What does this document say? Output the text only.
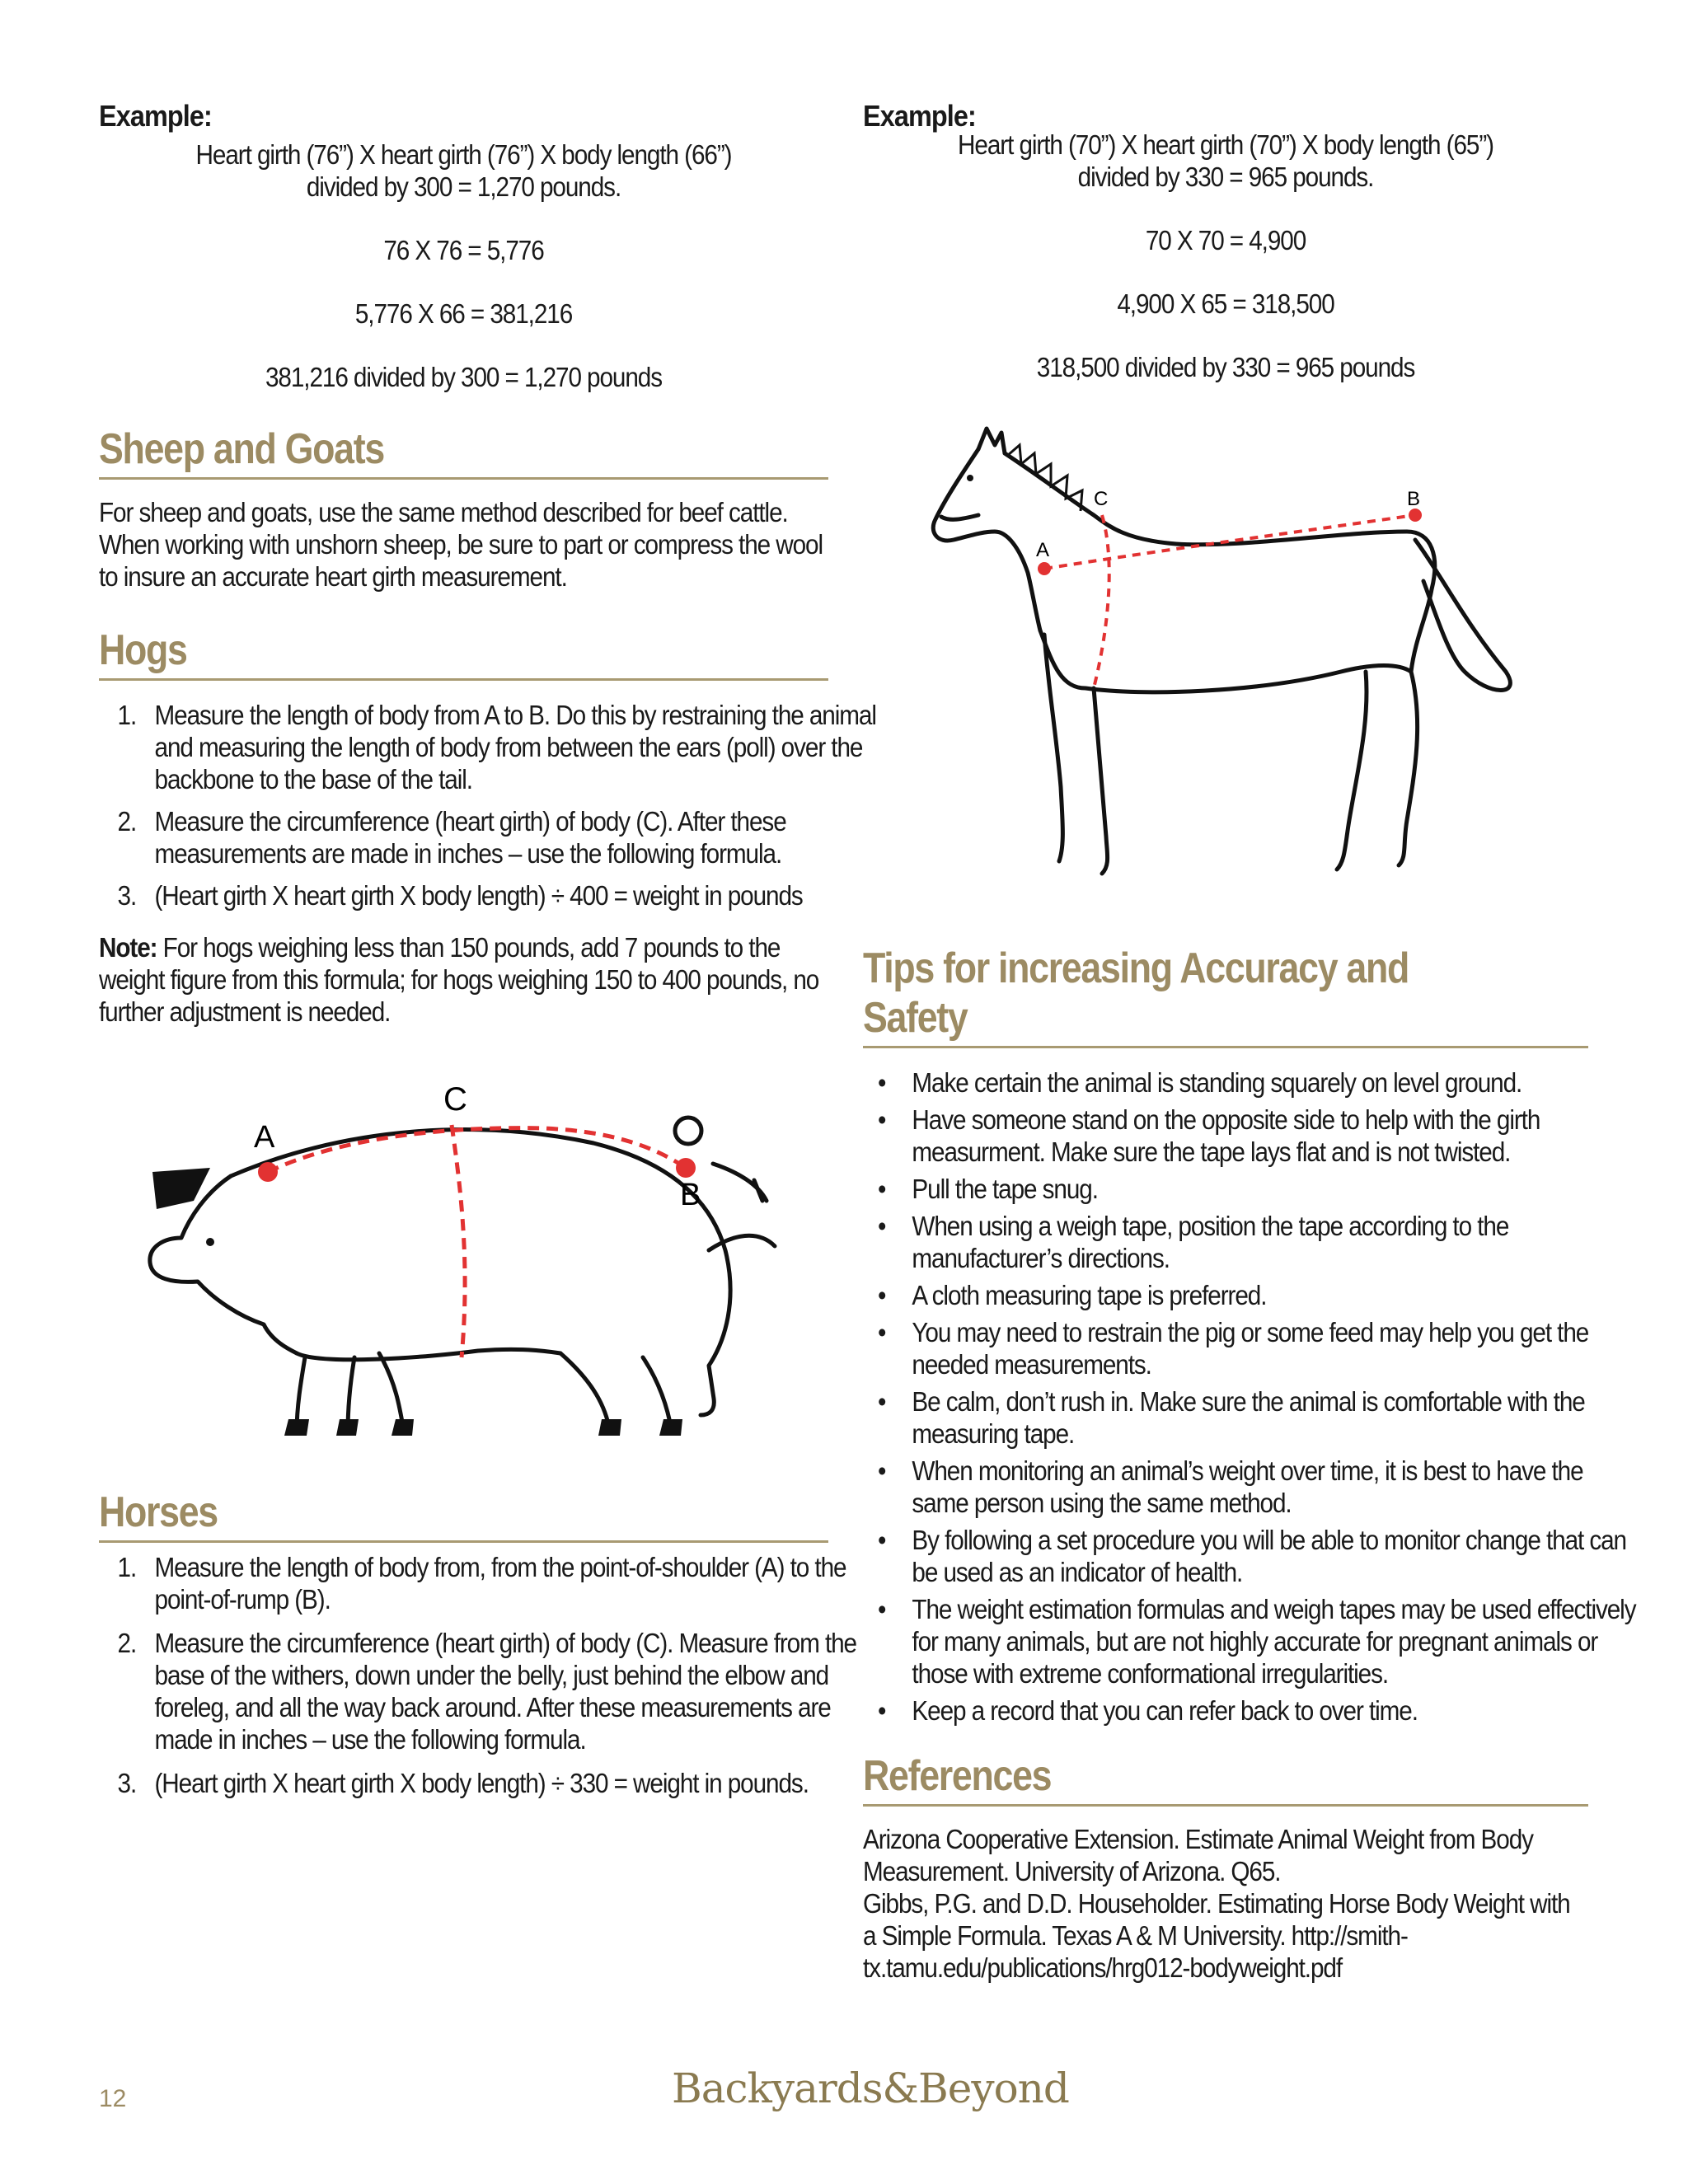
Example:

Heart girth (76”) X heart girth (76”) X body length (66”)
divided by 300 = 1,270 pounds.
76 X 76 = 5,776
5,776 X 66 = 381,216
381,216 divided by 300 = 1,270 pounds
Sheep and Goats
For sheep and goats, use the same method described for beef cattle. When working with unshorn sheep, be sure to part or compress the wool to insure an accurate heart girth measurement.
Hogs
1. Measure the length of body from A to B. Do this by restraining the animal and measuring the length of body from between the ears (poll) over the backbone to the base of the tail.
2. Measure the circumference (heart girth) of body (C). After these measurements are made in inches – use the following formula.
3. (Heart girth X heart girth X body length) ÷ 400 = weight in pounds
Note: For hogs weighing less than 150 pounds, add 7 pounds to the weight figure from this formula; for hogs weighing 150 to 400 pounds, no further adjustment is needed.
A
B
C
Horses
1. Measure the length of body from, from the point-of-shoulder (A) to the point-of-rump (B).
2. Measure the circumference (heart girth) of body (C). Measure from the base of the withers, down under the belly, just behind the elbow and foreleg, and all the way back around. After these measurements are made in inches – use the following formula.
3. (Heart girth X heart girth X body length) ÷ 330 = weight in pounds.

Example:

Heart girth (70”) X heart girth (70”) X body length (65”)
divided by 330 = 965 pounds.
70 X 70 = 4,900
4,900 X 65 = 318,500
318,500 divided by 330 = 965 pounds
A
B
C
Tips for increasing Accuracy and Safety
• Make certain the animal is standing squarely on level ground.
• Have someone stand on the opposite side to help with the girth measurment. Make sure the tape lays flat and is not twisted.
• Pull the tape snug.
• When using a weigh tape, position the tape according to the manufacturer’s directions.
• A cloth measuring tape is preferred.
• You may need to restrain the pig or some feed may help you get the needed measurements.
• Be calm, don’t rush in. Make sure the animal is comfortable with the measuring tape.
• When monitoring an animal’s weight over time, it is best to have the same person using the same method.
• By following a set procedure you will be able to monitor change that can be used as an indicator of health.
• The weight estimation formulas and weigh tapes may be used effectively for many animals, but are not highly accurate for pregnant animals or those with extreme conformational irregularities.
• Keep a record that you can refer back to over time.
References
Arizona Cooperative Extension. Estimate Animal Weight from Body Measurement. University of Arizona. Q65.
Gibbs, P.G. and D.D. Householder. Estimating Horse Body Weight with a Simple Formula. Texas A & M University. http://smith-tx.tamu.edu/publications/hrg012-bodyweight.pdf
12	Backyards&Beyond
